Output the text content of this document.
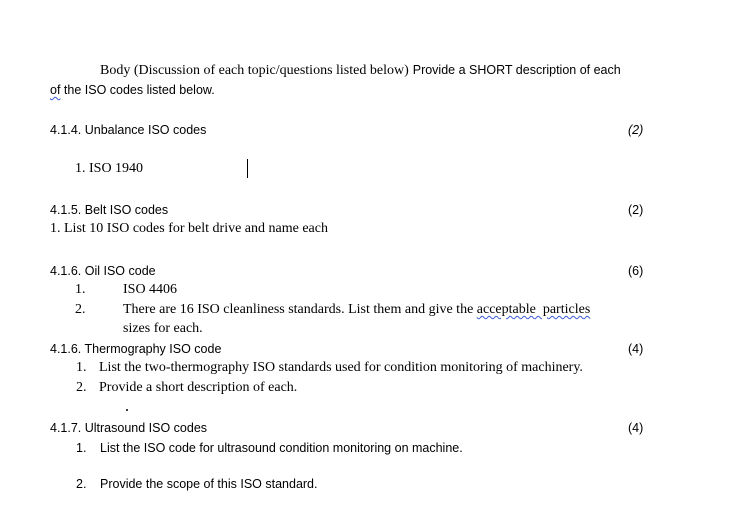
Body (Discussion of each topic/questions listed below) Provide a SHORT description of each
of the ISO codes listed below.
4.1.4. Unbalance ISO codes	(2)
1. ISO 1940
4.1.5. Belt ISO codes	(2)
1. List 10 ISO codes for belt drive and name each
4.1.6. Oil ISO code	(6)
1.	ISO 4406
2.	There are 16 ISO cleanliness standards. List them and give the acceptable  particles
sizes for each.
4.1.6. Thermography ISO code	(4)
1. List the two-thermography ISO standards used for condition monitoring of machinery.
2. Provide a short description of each.
4.1.7. Ultrasound ISO codes	(4)
1. List the ISO code for ultrasound condition monitoring on machine.
2. Provide the scope of this ISO standard.
